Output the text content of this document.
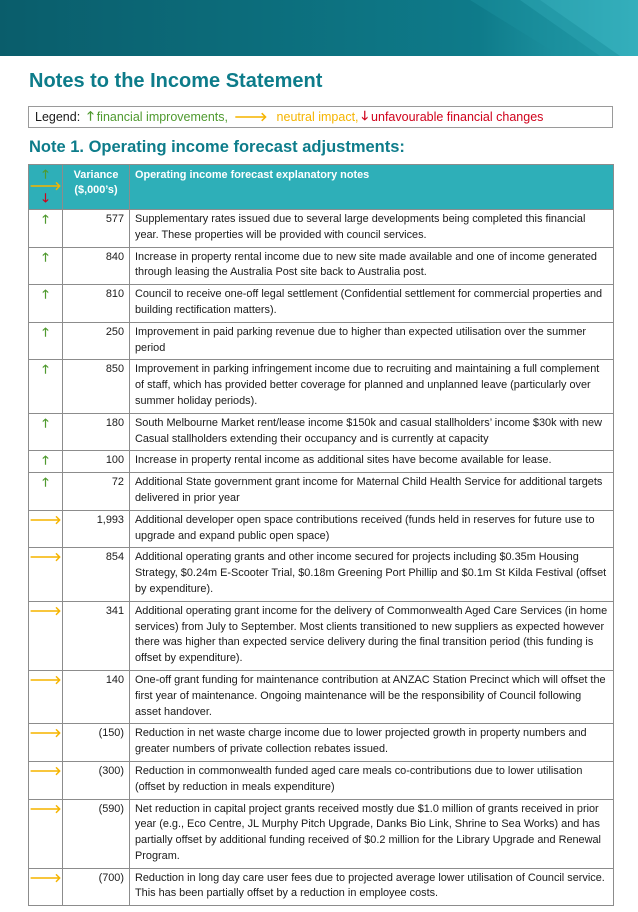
Notes to the Income Statement
Legend: 🡑 financial improvements, 🡒 neutral impact, 🡓 unfavourable financial changes
Note 1. Operating income forecast adjustments:
🡑
🡒
🡓	Variance ($,000’s)	Operating income forecast explanatory notes
🡑	577	Supplementary rates issued due to several large developments being completed this financial year. These properties will be provided with council services.
🡑	840	Increase in property rental income due to new site made available and one of income generated through leasing the Australia Post site back to Australia post.
🡑	810	Council to receive one-off legal settlement (Confidential settlement for commercial properties and building rectification matters).
🡑	250	Improvement in paid parking revenue due to higher than expected utilisation over the summer period
🡑	850	Improvement in parking infringement income due to recruiting and maintaining a full complement of staff, which has provided better coverage for planned and unplanned leave (particularly over summer holiday periods).
🡑	180	South Melbourne Market rent/lease income $150k and casual stallholders’ income $30k with new Casual stallholders extending their occupancy and is currently at capacity
🡑	100	Increase in property rental income as additional sites have become available for lease.
🡑	72	Additional State government grant income for Maternal Child Health Service for additional targets delivered in prior year
🡒	1,993	Additional developer open space contributions received (funds held in reserves for future use to upgrade and expand public open space)
🡒	854	Additional operating grants and other income secured for projects including $0.35m Housing Strategy, $0.24m E-Scooter Trial, $0.18m Greening Port Phillip and $0.1m St Kilda Festival (offset by expenditure).
🡒	341	Additional operating grant income for the delivery of Commonwealth Aged Care Services (in home services) from July to September. Most clients transitioned to new suppliers as expected however there was higher than expected service delivery during the final transition period (this funding is offset by expenditure).
🡒	140	One-off grant funding for maintenance contribution at ANZAC Station Precinct which will offset the first year of maintenance. Ongoing maintenance will be the responsibility of Council following asset handover.
🡒	(150)	Reduction in net waste charge income due to lower projected growth in property numbers and greater numbers of private collection rebates issued.
🡒	(300)	Reduction in commonwealth funded aged care meals co-contributions due to lower utilisation (offset by reduction in meals expenditure)
🡒	(590)	Net reduction in capital project grants received mostly due $1.0 million of grants received in prior year (e.g., Eco Centre, JL Murphy Pitch Upgrade, Danks Bio Link, Shrine to Sea Works) and has partially offset by additional funding received of $0.2 million for the Library Upgrade and Renewal Program.
🡒	(700)	Reduction in long day care user fees due to projected average lower utilisation of Council service. This has been partially offset by a reduction in employee costs.
